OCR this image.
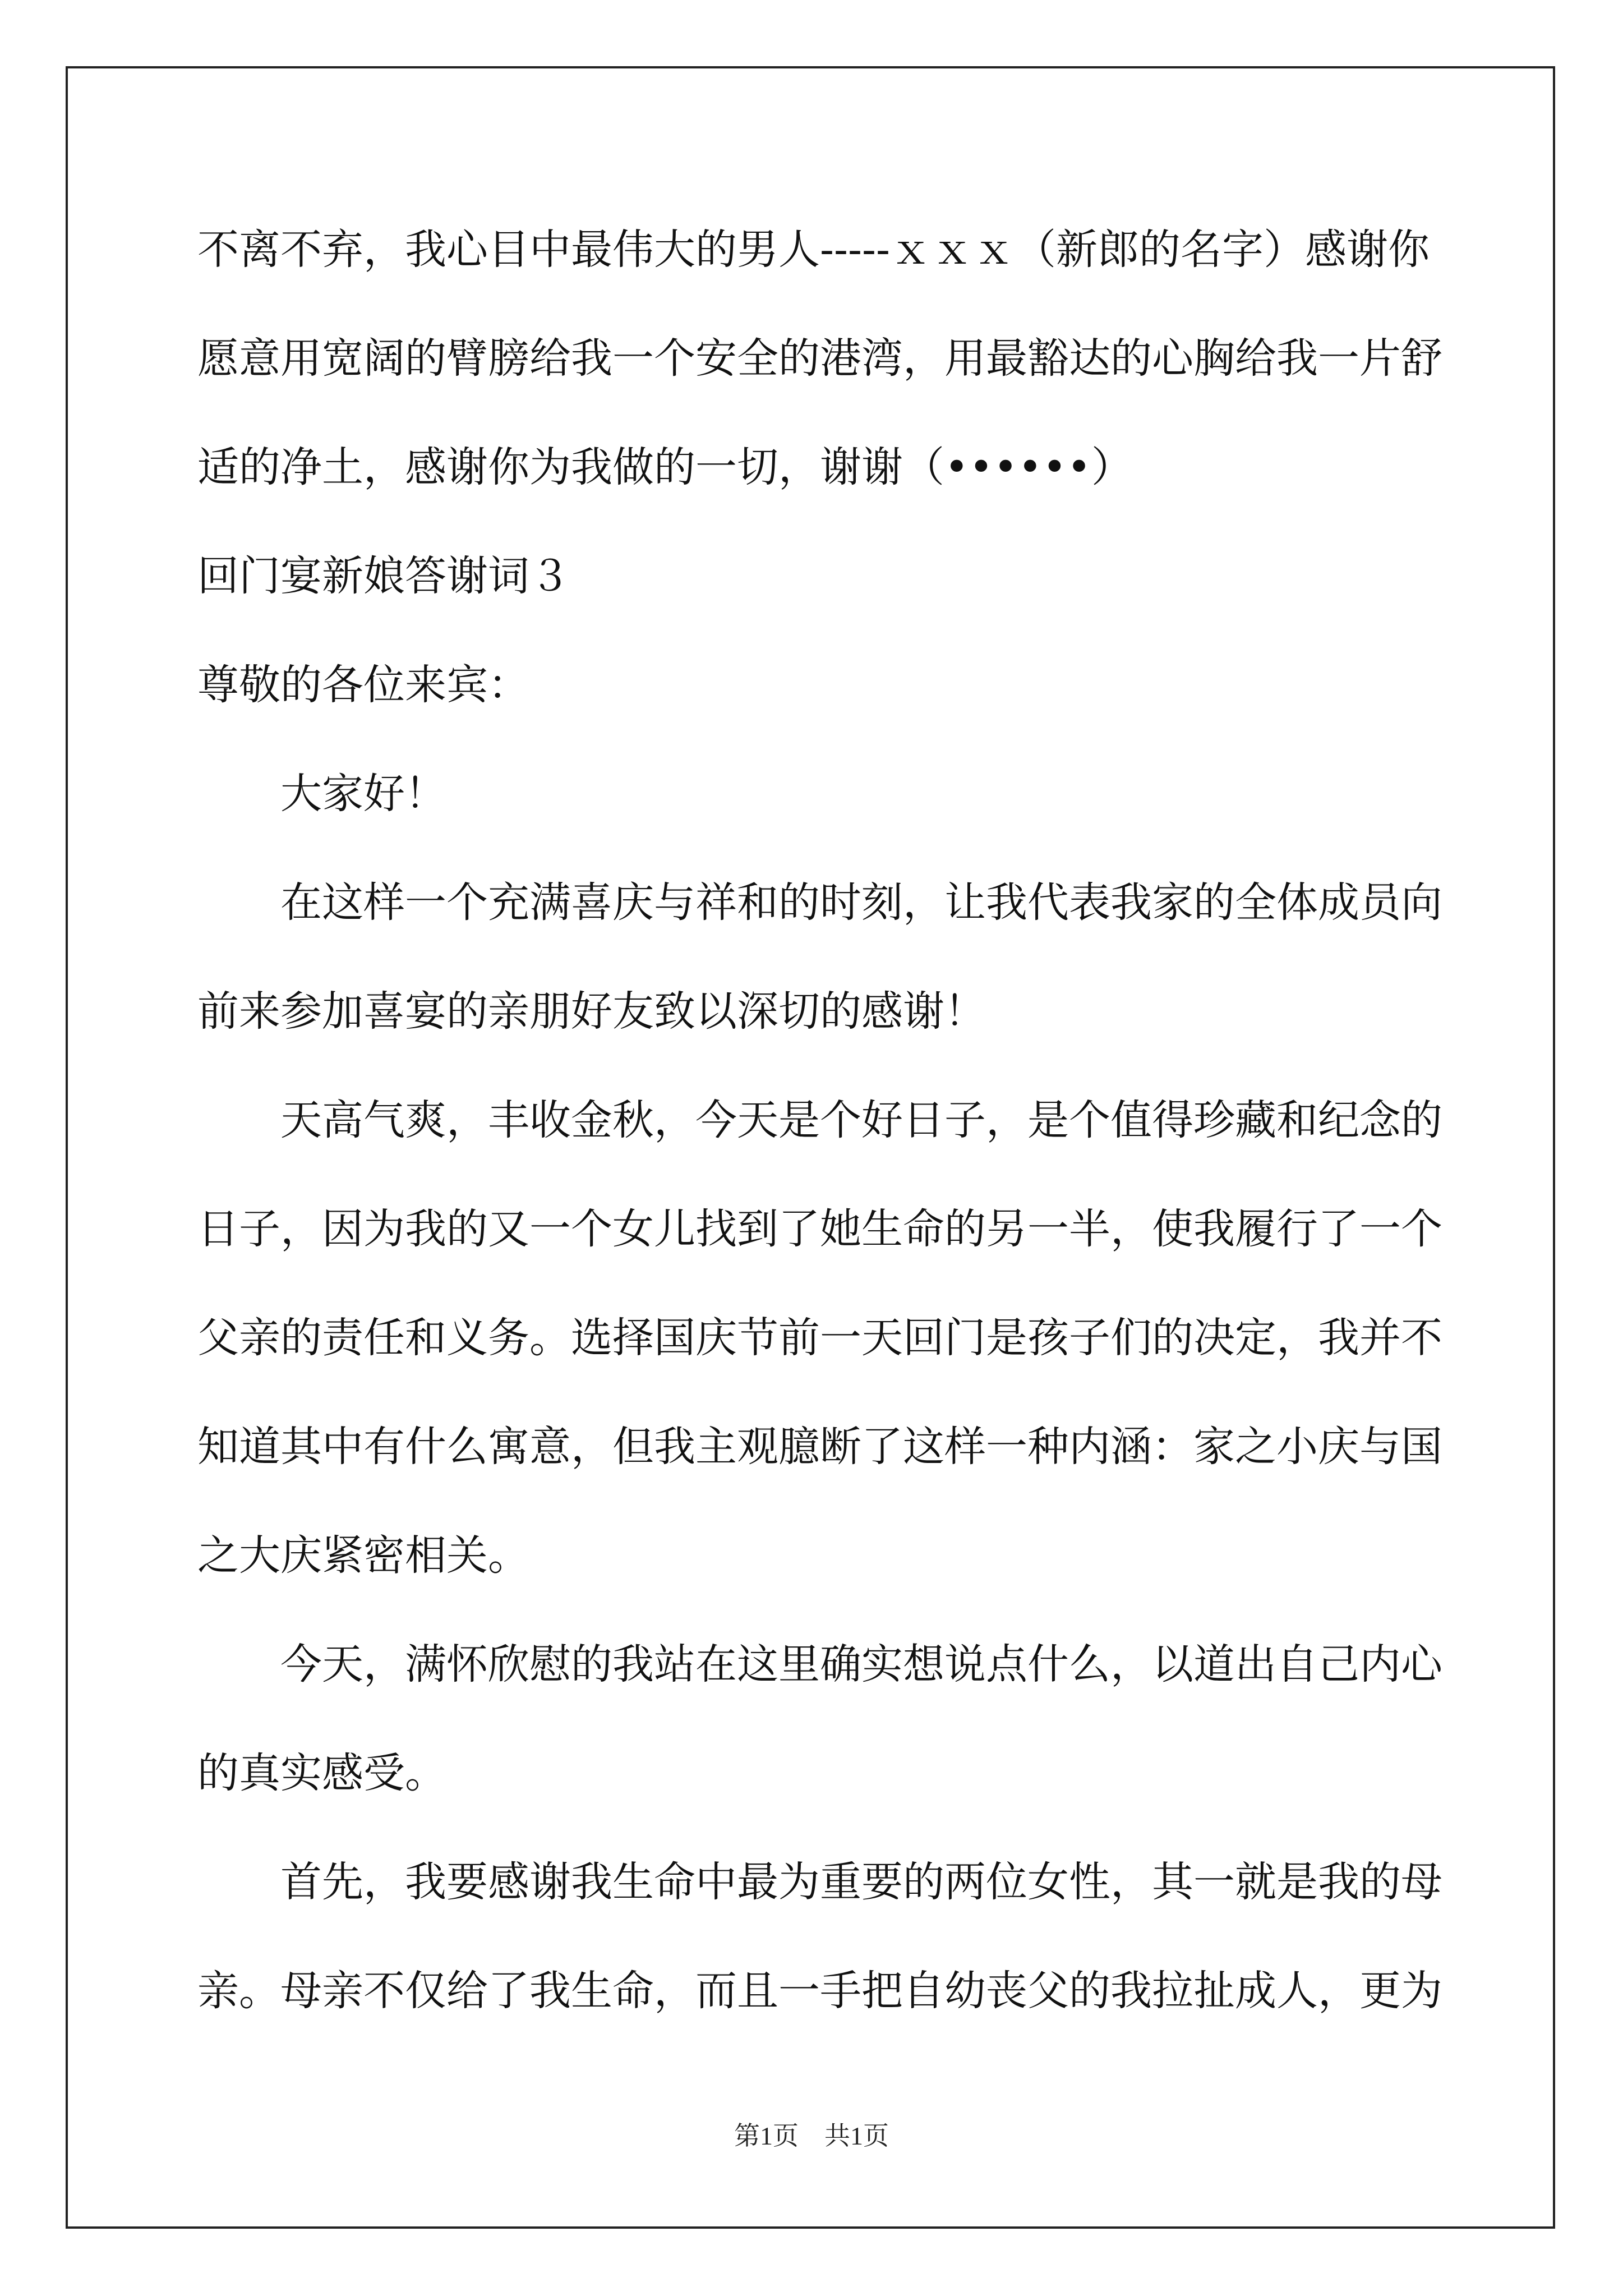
不离不弃，我心目中最伟大的男人-----ｘｘｘ（新郎的名字）感谢你
愿意用宽阔的臂膀给我一个安全的港湾，用最豁达的心胸给我一片舒
适的净土，感谢你为我做的一切，谢谢（••••••）
回门宴新娘答谢词３
尊敬的各位来宾：
大家好！
在这样一个充满喜庆与祥和的时刻，让我代表我家的全体成员向
前来参加喜宴的亲朋好友致以深切的感谢！
天高气爽，丰收金秋，今天是个好日子，是个值得珍藏和纪念的
日子，因为我的又一个女儿找到了她生命的另一半，使我履行了一个
父亲的责任和义务。选择国庆节前一天回门是孩子们的决定，我并不
知道其中有什么寓意，但我主观臆断了这样一种内涵：家之小庆与国
之大庆紧密相关。
今天，满怀欣慰的我站在这里确实想说点什么，以道出自己内心
的真实感受。
首先，我要感谢我生命中最为重要的两位女性，其一就是我的母
亲。母亲不仅给了我生命，而且一手把自幼丧父的我拉扯成人，更为
第1页　共1页
